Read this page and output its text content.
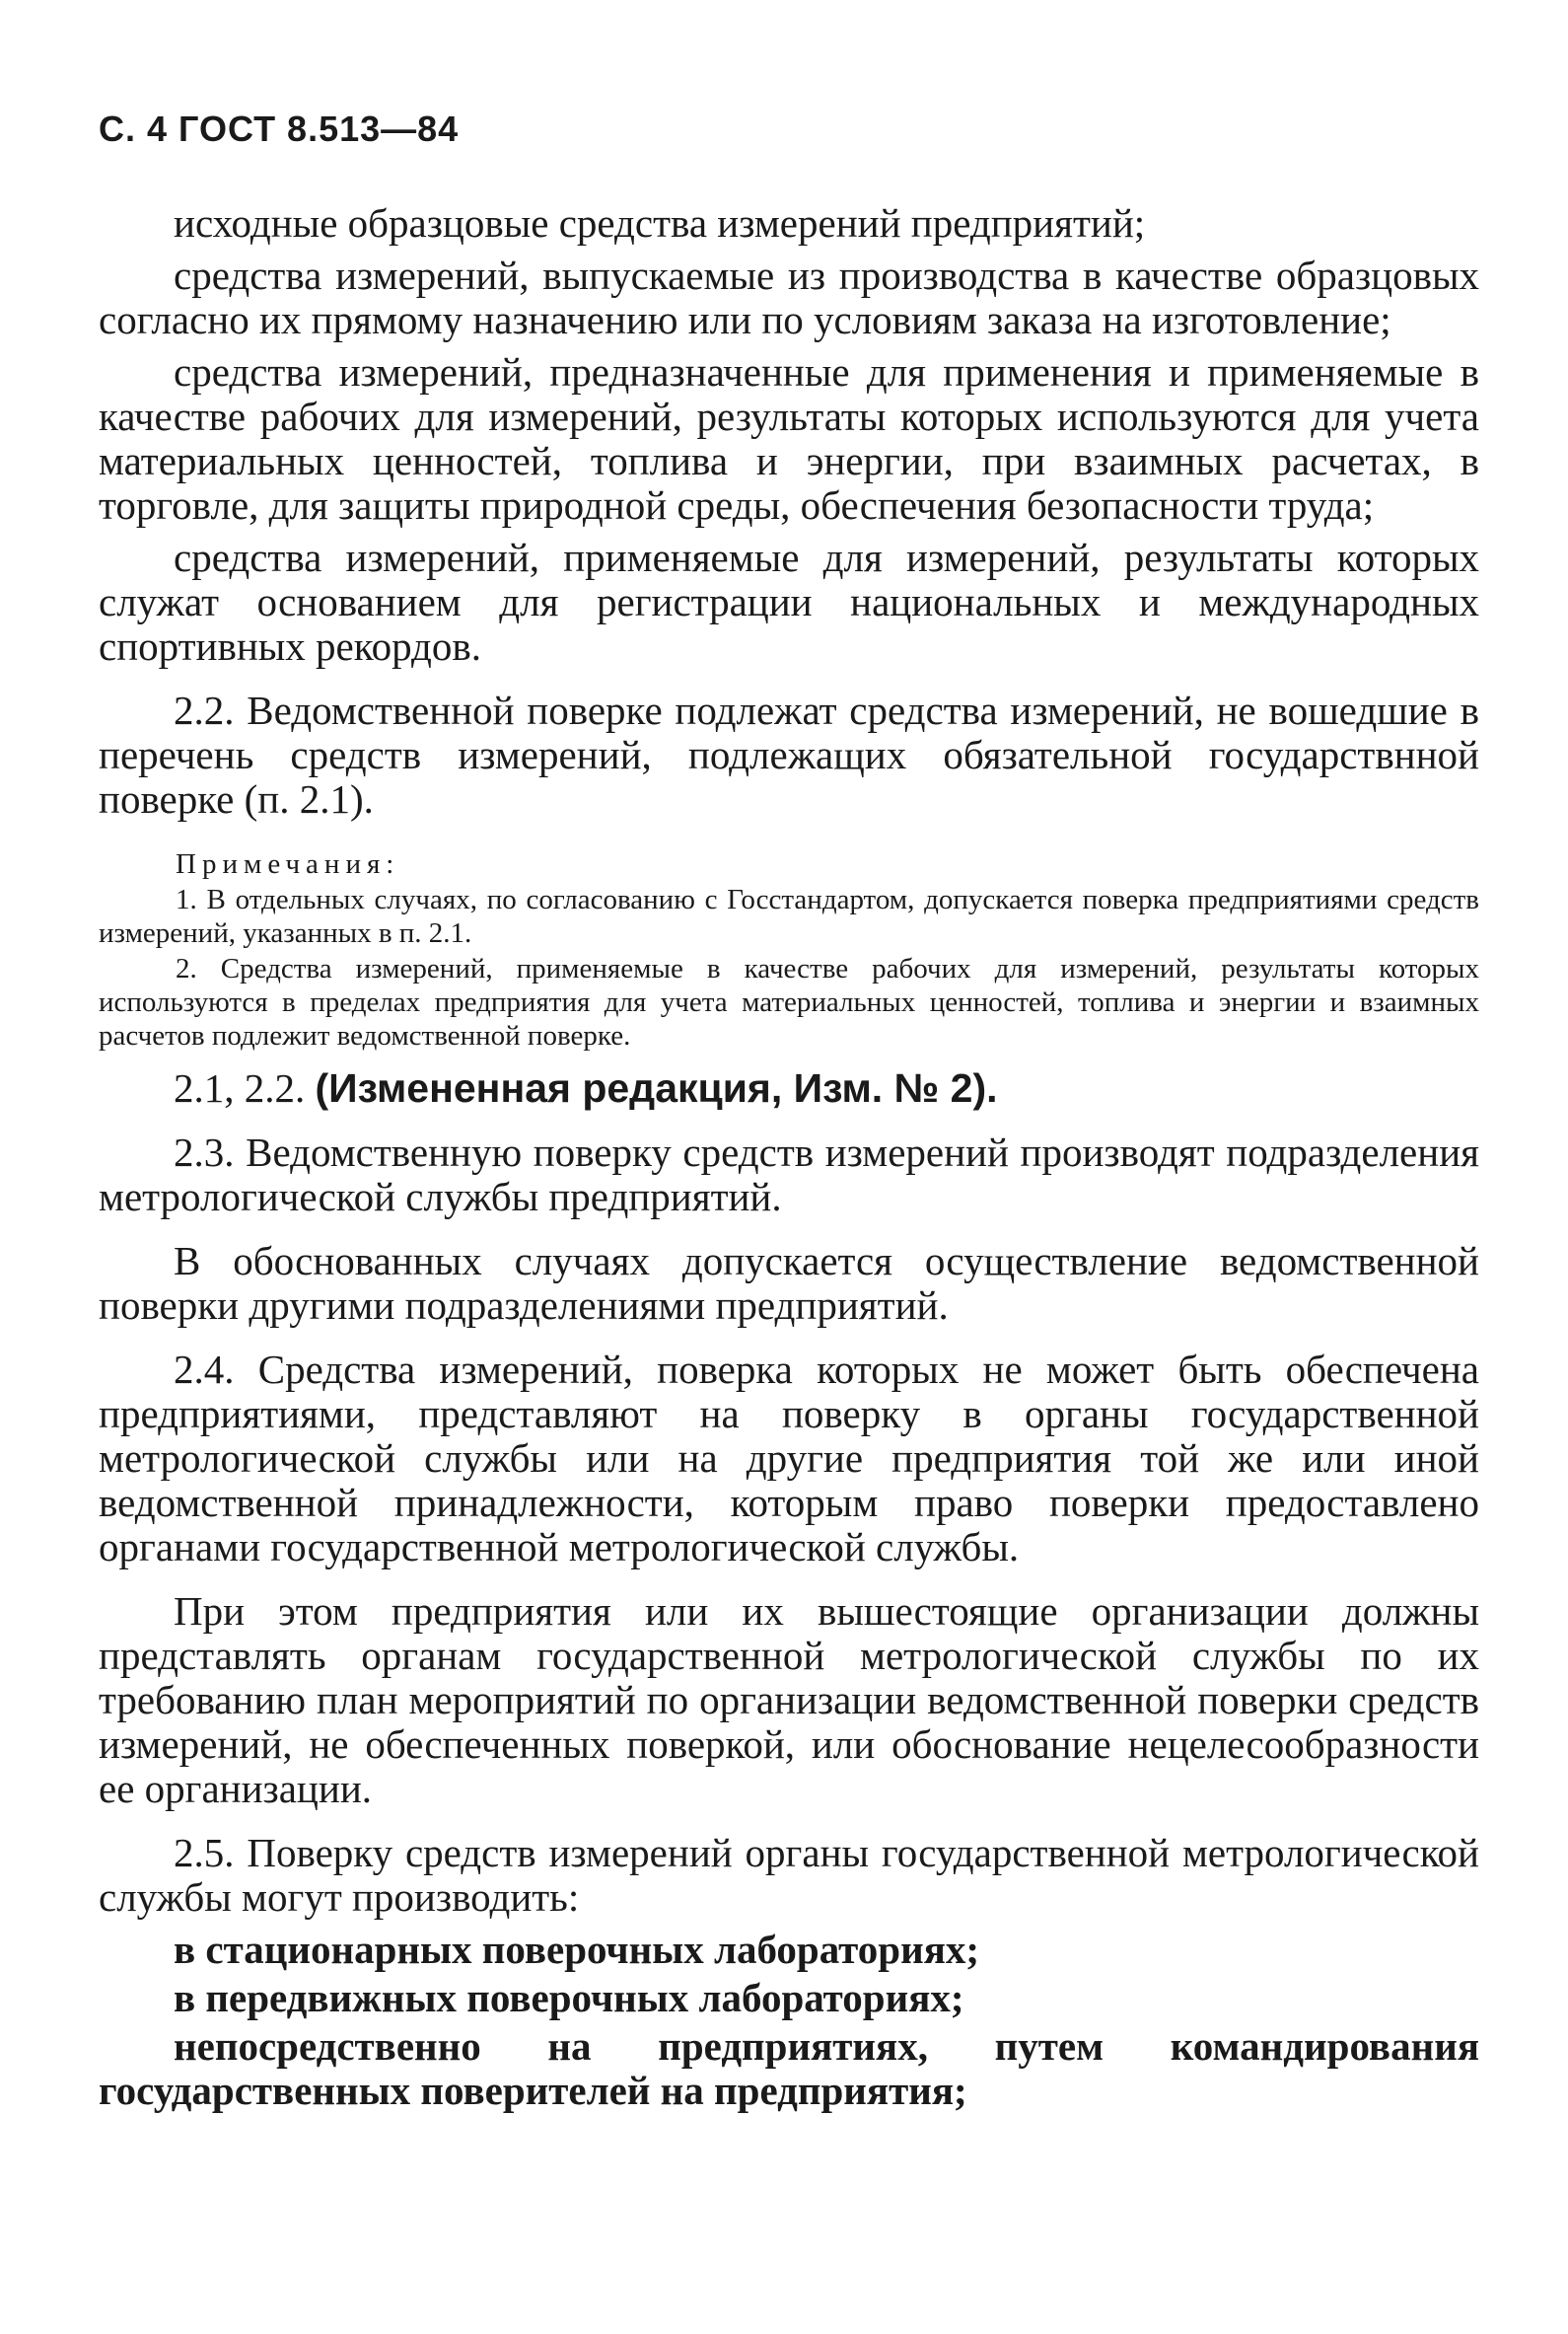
С. 4 ГОСТ 8.513—84

исходные образцовые средства измерений предприятий;

средства измерений, выпускаемые из производства в качестве образцовых согласно их прямому назначению или по условиям заказа на изготовление;

средства измерений, предназначенные для применения и применяемые в качестве рабочих для измерений, результаты которых используются для учета материальных ценностей, топлива и энергии, при взаимных расчетах, в торговле, для защиты природной среды, обеспечения безопасности труда;

средства измерений, применяемые для измерений, результаты которых служат основанием для регистрации национальных и международных спортивных рекордов.

2.2. Ведомственной поверке подлежат средства измерений, не вошедшие в перечень средств измерений, подлежащих обязательной государствнной поверке (п. 2.1).

Примечания:
1. В отдельных случаях, по согласованию с Госстандартом, допускается поверка предприятиями средств измерений, указанных в п. 2.1.
2. Средства измерений, применяемые в качестве рабочих для измерений, результаты которых используются в пределах предприятия для учета материальных ценностей, топлива и энергии и взаимных расчетов подлежит ведомственной поверке.

2.1, 2.2. (Измененная редакция, Изм. № 2).

2.3. Ведомственную поверку средств измерений производят подразделения метрологической службы предприятий.

В обоснованных случаях допускается осуществление ведомственной поверки другими подразделениями предприятий.

2.4. Средства измерений, поверка которых не может быть обеспечена предприятиями, представляют на поверку в органы государственной метрологической службы или на другие предприятия той же или иной ведомственной принадлежности, которым право поверки предоставлено органами государственной метрологической службы.

При этом предприятия или их вышестоящие организации должны представлять органам государственной метрологической службы по их требованию план мероприятий по организации ведомственной поверки средств измерений, не обеспеченных поверкой, или обоснование нецелесообразности ее организации.

2.5. Поверку средств измерений органы государственной метрологической службы могут производить:

в стационарных поверочных лабораториях;

в передвижных поверочных лабораториях;

непосредственно на предприятиях, путем командирования государственных поверителей на предприятия;
